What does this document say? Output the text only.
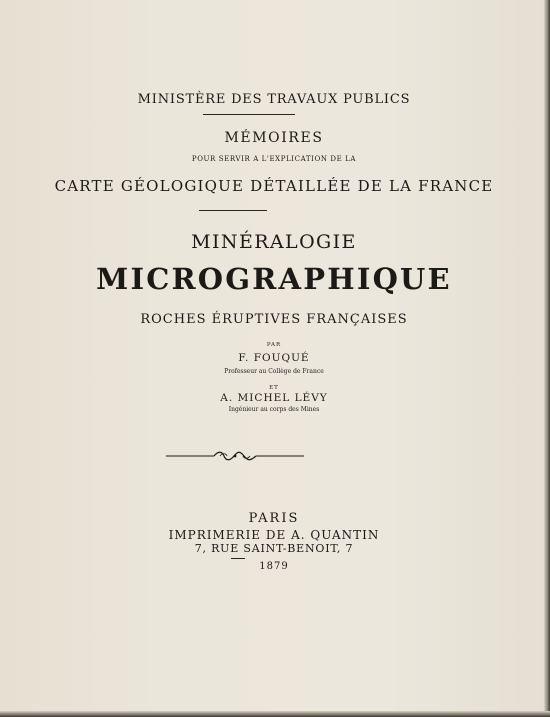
MINISTÈRE DES TRAVAUX PUBLICS
MÉMOIRES
POUR SERVIR A L'EXPLICATION DE LA
CARTE GÉOLOGIQUE DÉTAILLÉE DE LA FRANCE
MINÉRALOGIE
MICROGRAPHIQUE
ROCHES ÉRUPTIVES FRANÇAISES
PAR
F. FOUQUÉ
Professeur au Collège de France
ET
A. MICHEL LÉVY
Ingénieur au corps des Mines
PARIS
IMPRIMERIE DE A. QUANTIN
7, RUE SAINT-BENOIT, 7
1879
